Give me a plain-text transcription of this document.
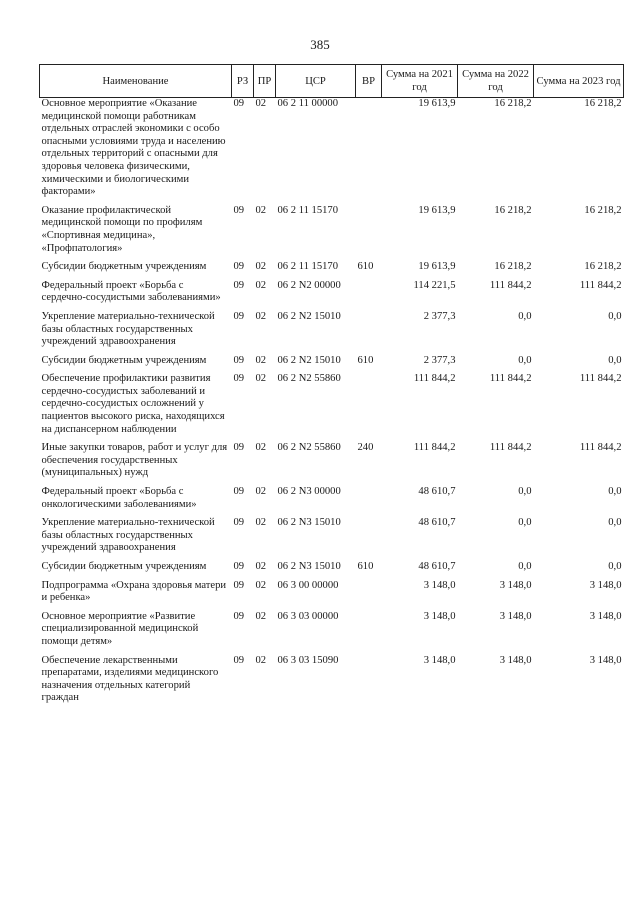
385
Наименование	РЗ	ПР	ЦСР	ВР	Сумма на 2021 год	Сумма на 2022 год	Сумма на 2023 год
Основное мероприятие «Оказание медицинской помощи работникам отдельных отраслей экономики с особо опасными условиями труда и населению отдельных территорий с опасными для здоровья человека физическими, химическими и биологическими факторами»	09	02	06 2 11 00000		19 613,9	16 218,2	16 218,2
Оказание профилактической медицинской помощи по профилям «Спортивная медицина», «Профпатология»	09	02	06 2 11 15170		19 613,9	16 218,2	16 218,2
Субсидии бюджетным учреждениям	09	02	06 2 11 15170	610	19 613,9	16 218,2	16 218,2
Федеральный проект «Борьба с сердечно-сосудистыми заболеваниями»	09	02	06 2 N2 00000		114 221,5	111 844,2	111 844,2
Укрепление материально-технической базы областных государственных учреждений здравоохранения	09	02	06 2 N2 15010		2 377,3	0,0	0,0
Субсидии бюджетным учреждениям	09	02	06 2 N2 15010	610	2 377,3	0,0	0,0
Обеспечение профилактики развития сердечно-сосудистых заболеваний и сердечно-сосудистых осложнений у пациентов высокого риска, находящихся на диспансерном наблюдении	09	02	06 2 N2 55860		111 844,2	111 844,2	111 844,2
Иные закупки товаров, работ и услуг для обеспечения государственных (муниципальных) нужд	09	02	06 2 N2 55860	240	111 844,2	111 844,2	111 844,2
Федеральный проект «Борьба с онкологическими заболеваниями»	09	02	06 2 N3 00000		48 610,7	0,0	0,0
Укрепление материально-технической базы областных государственных учреждений здравоохранения	09	02	06 2 N3 15010		48 610,7	0,0	0,0
Субсидии бюджетным учреждениям	09	02	06 2 N3 15010	610	48 610,7	0,0	0,0
Подпрограмма «Охрана здоровья матери и ребенка»	09	02	06 3 00 00000		3 148,0	3 148,0	3 148,0
Основное мероприятие «Развитие специализированной медицинской помощи детям»	09	02	06 3 03 00000		3 148,0	3 148,0	3 148,0
Обеспечение лекарственными препаратами, изделиями медицинского назначения отдельных категорий граждан	09	02	06 3 03 15090		3 148,0	3 148,0	3 148,0
